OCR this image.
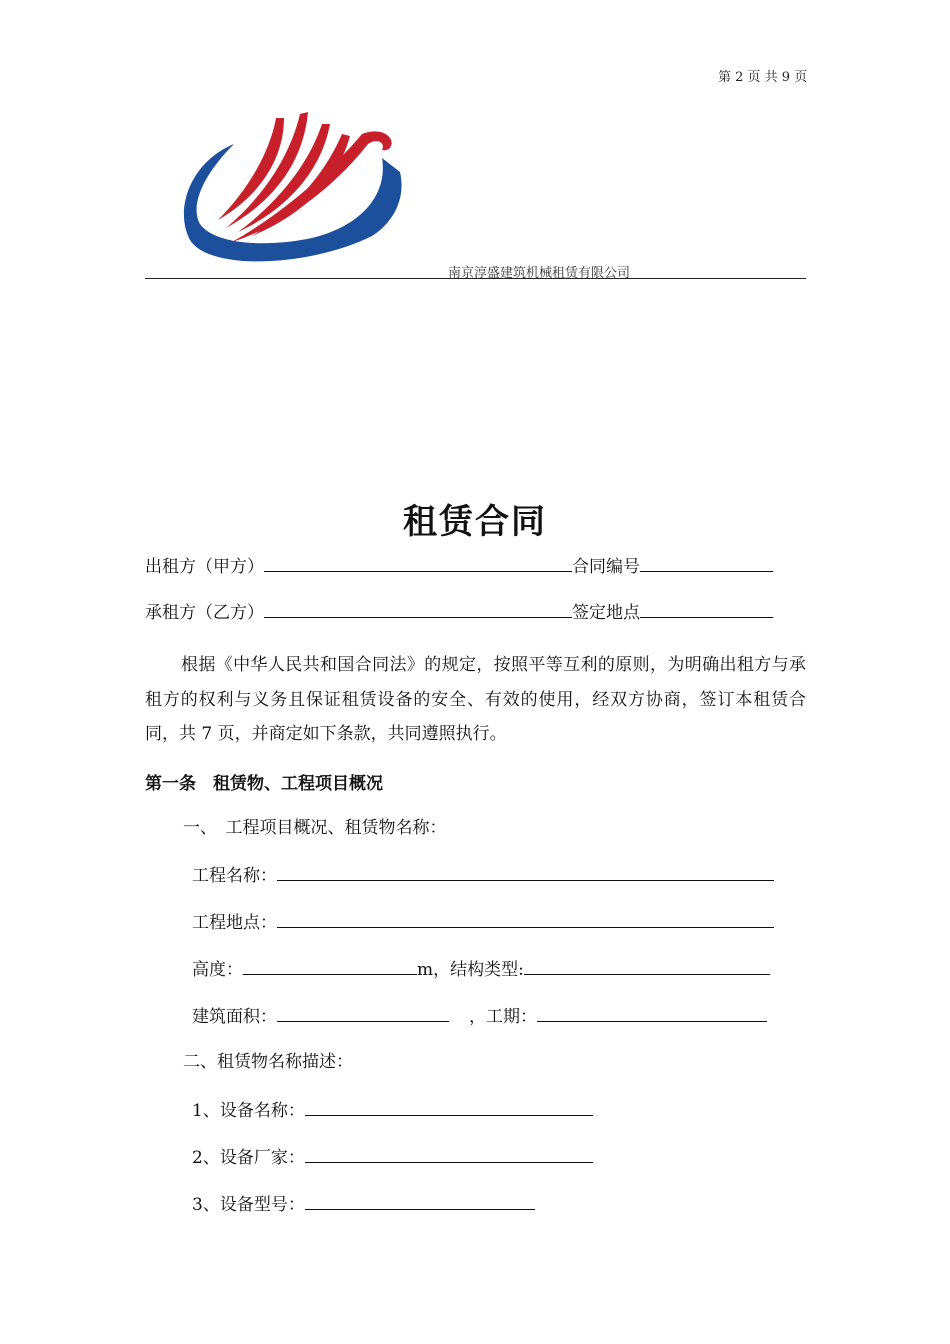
第 2 页 共 9 页
南京淳盛建筑机械租赁有限公司
租赁合同
出租方（甲方）	合同编号
承租方（乙方）	签定地点

根据《中华人民共和国合同法》的规定，按照平等互利的原则，为明确出租方与承租方的权利与义务且保证租赁设备的安全、有效的使用，经双方协商，签订本租赁合同，共 7 页，并商定如下条款，共同遵照执行。

第一条　租赁物、工程项目概况
一、　工程项目概况、租赁物名称：
工程名称：
工程地点：
高度：	m，结构类型:
建筑面积：	，工期：
二、租赁物名称描述：
1、设备名称：
2、设备厂家：
3、设备型号：
